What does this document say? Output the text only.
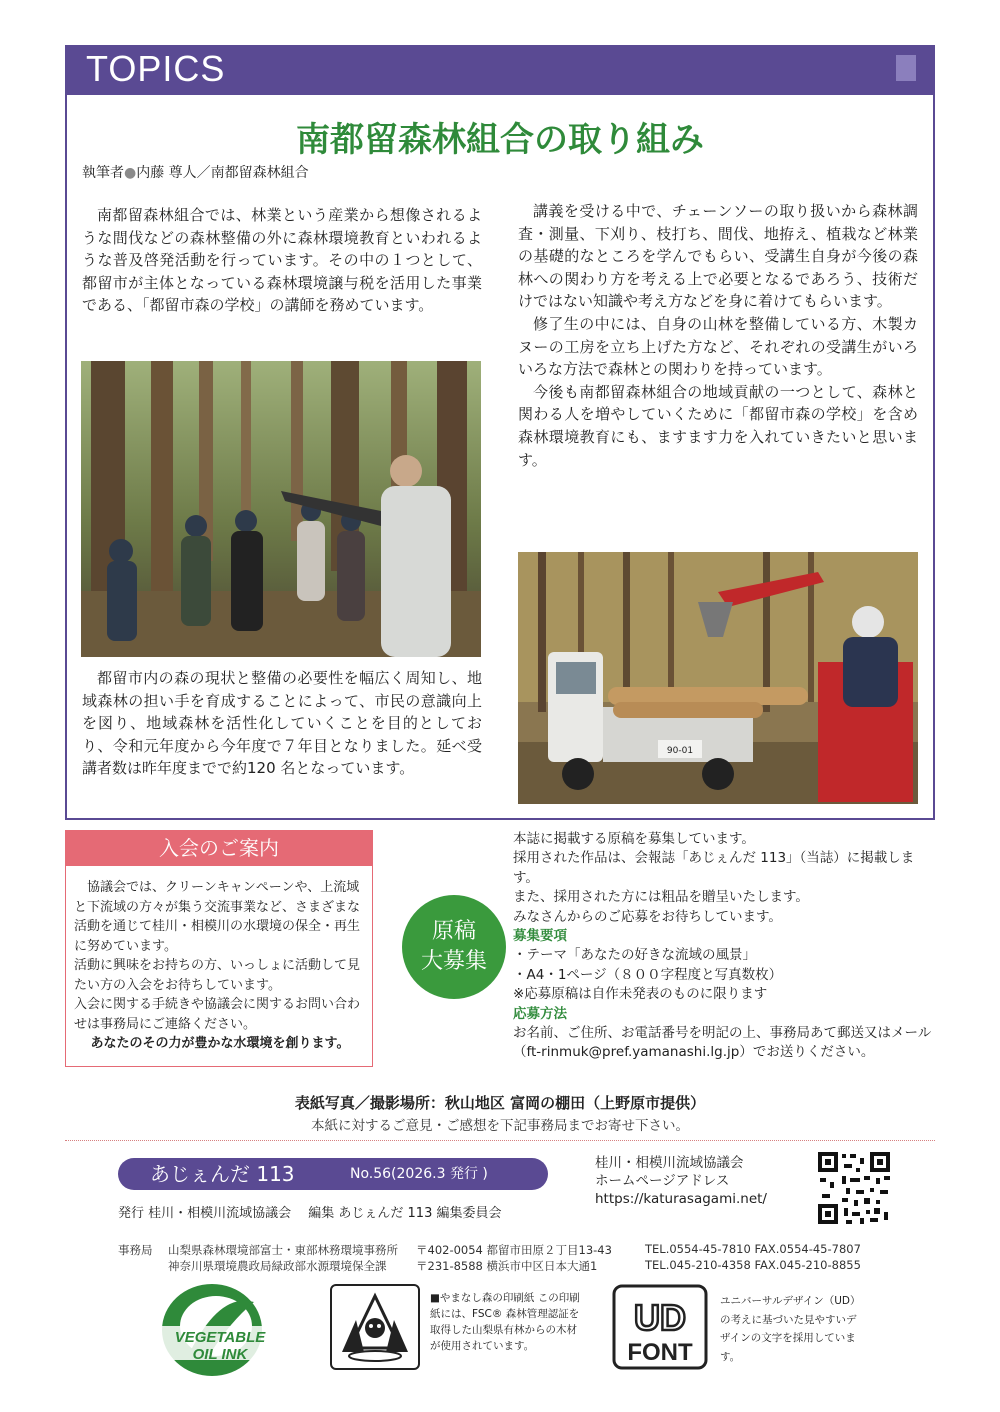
TOPICS
南都留森林組合の取り組み
執筆者●内藤 尊人／南都留森林組合

南都留森林組合では、林業という産業から想像されるような間伐などの森林整備の外に森林環境教育といわれるような普及啓発活動を行っています。その中の１つとして、都留市が主体となっている森林環境譲与税を活用した事業である、「都留市森の学校」の講師を務めています。

都留市内の森の現状と整備の必要性を幅広く周知し、地域森林の担い手を育成することによって、市民の意識向上を図り、地域森林を活性化していくことを目的としており、令和元年度から今年度で７年目となりました。延べ受講者数は昨年度までで約120 名となっています。

講義を受ける中で、チェーンソーの取り扱いから森林調査・測量、下刈り、枝打ち、間伐、地拵え、植栽など林業の基礎的なところを学んでもらい、受講生自身が今後の森林への関わり方を考える上で必要となるであろう、技術だけではない知識や考え方などを身に着けてもらいます。

修了生の中には、自身の山林を整備している方、木製カヌーの工房を立ち上げた方など、それぞれの受講生がいろいろな方法で森林との関わりを持っています。

今後も南都留森林組合の地域貢献の一つとして、森林と関わる人を増やしていくために「都留市森の学校」を含め森林環境教育にも、ますます力を入れていきたいと思います。

90-01
入会のご案内

協議会では、クリーンキャンペーンや、上流域と下流域の方々が集う交流事業など、さまざまな活動を通じて桂川・相模川の水環境の保全・再生に努めています。

活動に興味をお持ちの方、いっしょに活動して見たい方の入会をお待ちしています。

入会に関する手続きや協議会に関するお問い合わせは事務局にご連絡ください。

あなたのその力が豊かな水環境を創ります。

原稿
大募集

本誌に掲載する原稿を募集しています。

採用された作品は、会報誌「あじぇんだ 113」（当誌）に掲載します。

また、採用された方には粗品を贈呈いたします。

みなさんからのご応募をお待ちしています。

募集要項

・テーマ「あなたの好きな流域の風景」

・A4・1ページ（８００字程度と写真数枚）

※応募原稿は自作未発表のものに限ります

応募方法

お名前、ご住所、お電話番号を明記の上、事務局あて郵送又はメール（ft-rinmuk@pref.yamanashi.lg.jp）でお送りください。

表紙写真／撮影場所：秋山地区 富岡の棚田（上野原市提供）
本紙に対するご意見・ご感想を下記事務局までお寄せ下さい。
あじぇんだ 113	No.56(2026.3 発行 )
発行 桂川・相模川流域協議会　 編集 あじぇんだ 113 編集委員会
桂川・相模川流域協議会
ホームページアドレス
https://katurasagami.net/
事務局 山梨県森林環境部富士・東部林務環境事務所 〒402-0054 都留市田原２丁目13-43	TEL.0554-45-7810 FAX.0554-45-7807
神奈川県環境農政局緑政部水源環境保全課	〒231-8588 横浜市中区日本大通1	TEL.045-210-4358 FAX.045-210-8855
VEGETABLE
OIL INK
■やまなし森の印刷紙 この印刷紙には、FSC® 森林管理認証を取得した山梨県有林からの木材が使用されています。
UD
FONT
ユニバーサルデザイン（UD）の考えに基づいた見やすいデザインの文字を採用しています。
